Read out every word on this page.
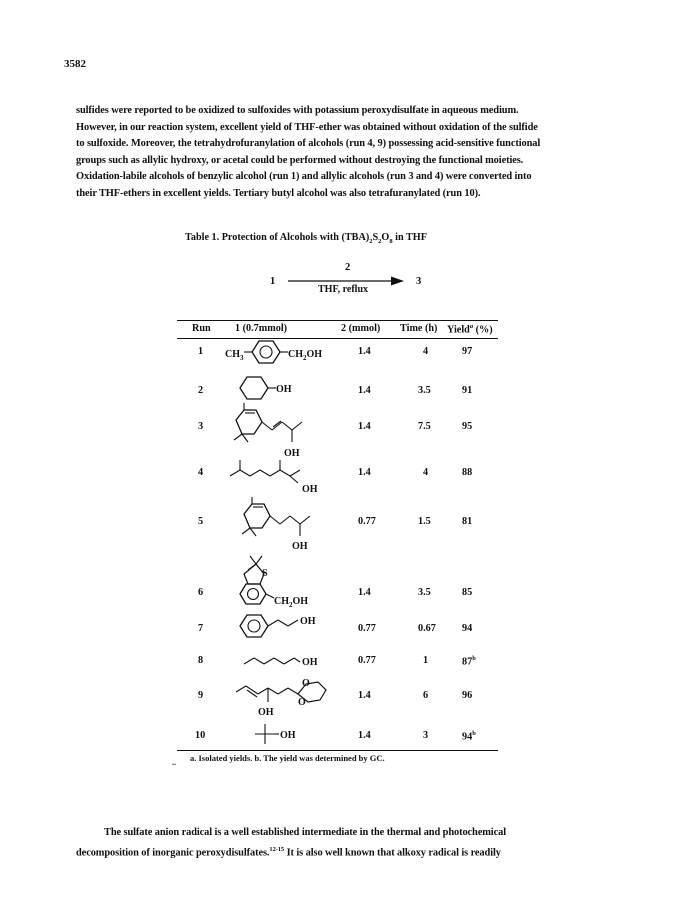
3582
sulfides were reported to be oxidized to sulfoxides with potassium peroxydisulfate in aqueous medium.
However, in our reaction system, excellent yield of THF-ether was obtained without oxidation of the sulfide
to sulfoxide. Moreover, the tetrahydrofuranylation of alcohols (run 4, 9) possessing acid-sensitive functional
groups such as allylic hydroxy, or acetal could be performed without destroying the functional moieties.
Oxidation-labile alcohols of benzylic alcohol (run 1) and allylic alcohols (run 3 and 4) were converted into
their THF-ethers in excellent yields. Tertiary butyl alcohol was also tetrafuranylated (run 10).
Table 1. Protection of Alcohols with $(TBA)_2S_2O_8$ in THF
1
2
THF, reflux
3
Run 1 (0.7mmol)	2 (mmol) Time (h) Yield$^a$ (%)
1	1.4	4	97
2	1.4	3.5	91
3	1.4	7.5	95
4	1.4	4	88
5	0.77	1.5	81
6	1.4	3.5	85
7	0.77	0.67	94
8	0.77	1	87$^b$
9	1.4	6	96
10	1.4	3	94$^b$
$CH_3$	$CH_2OH$
OH
OH
OH
OH
S
$CH_2OH$
OH
OH
OH
O
O
OH
.. a. Isolated yields. b. The yield was determined by GC.
The sulfate anion radical is a well established intermediate in the thermal and photochemical
decomposition of inorganic peroxydisulfates.$^{12-15}$ It is also well known that alkoxy radical is readily
